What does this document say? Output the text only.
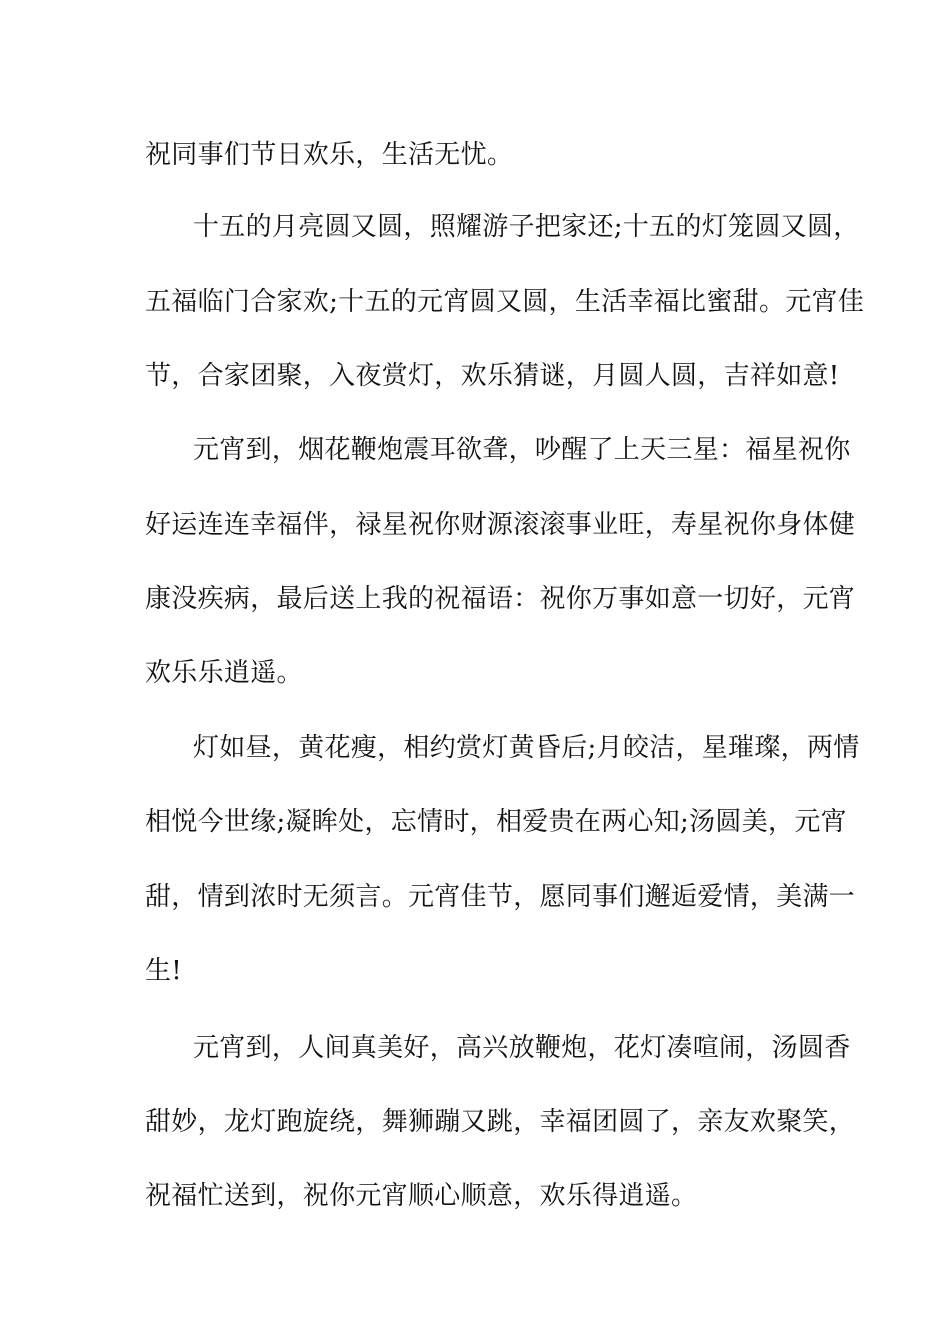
祝同事们节日欢乐，生活无忧。
十五的月亮圆又圆，照耀游子把家还;十五的灯笼圆又圆，
五福临门合家欢;十五的元宵圆又圆，生活幸福比蜜甜。元宵佳
节，合家团聚，入夜赏灯，欢乐猜谜，月圆人圆，吉祥如意!
元宵到，烟花鞭炮震耳欲聋，吵醒了上天三星：福星祝你
好运连连幸福伴，禄星祝你财源滚滚事业旺，寿星祝你身体健
康没疾病，最后送上我的祝福语：祝你万事如意一切好，元宵
欢乐乐逍遥。
灯如昼，黄花瘦，相约赏灯黄昏后;月皎洁，星璀璨，两情
相悦今世缘;凝眸处，忘情时，相爱贵在两心知;汤圆美，元宵
甜，情到浓时无须言。元宵佳节，愿同事们邂逅爱情，美满一
生!
元宵到，人间真美好，高兴放鞭炮，花灯凑喧闹，汤圆香
甜妙，龙灯跑旋绕，舞狮蹦又跳，幸福团圆了，亲友欢聚笑，
祝福忙送到，祝你元宵顺心顺意，欢乐得逍遥。
